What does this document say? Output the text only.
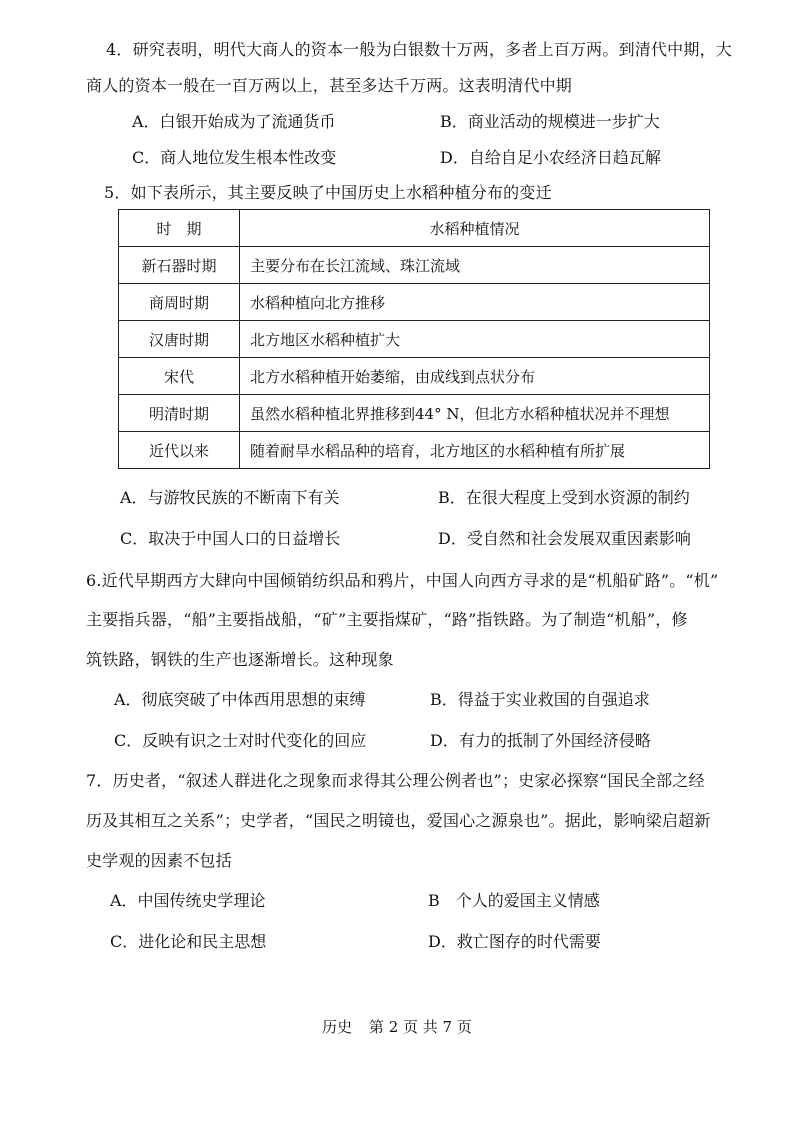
4．研究表明，明代大商人的资本一般为白银数十万两，多者上百万两。到清代中期，大
商人的资本一般在一百万两以上，甚至多达千万两。这表明清代中期
A．白银开始成为了流通货币	B．商业活动的规模进一步扩大
C．商人地位发生根本性改变	D．自给自足小农经济日趋瓦解
5．如下表所示，其主要反映了中国历史上水稻种植分布的变迁
时　期	水稻种植情况
新石器时期	主要分布在长江流域、珠江流域
商周时期	水稻种植向北方推移
汉唐时期	北方地区水稻种植扩大
宋代	北方水稻种植开始萎缩，由成线到点状分布
明清时期	虽然水稻种植北界推移到44° N，但北方水稻种植状况并不理想
近代以来	随着耐旱水稻品种的培育，北方地区的水稻种植有所扩展
A．与游牧民族的不断南下有关	B．在很大程度上受到水资源的制约
C．取决于中国人口的日益增长	D．受自然和社会发展双重因素影响
6.近代早期西方大肆向中国倾销纺织品和鸦片，中国人向西方寻求的是“机船矿路”。“机”
主要指兵器，“船”主要指战船，“矿”主要指煤矿，“路”指铁路。为了制造“机船”，修
筑铁路，钢铁的生产也逐渐增长。这种现象
A．彻底突破了中体西用思想的束缚	B．得益于实业救国的自强追求
C．反映有识之士对时代变化的回应	D．有力的抵制了外国经济侵略
7．历史者，“叙述人群进化之现象而求得其公理公例者也”；史家必探察“国民全部之经
历及其相互之关系”；史学者，“国民之明镜也，爱国心之源泉也”。据此，影响梁启超新
史学观的因素不包括
A．中国传统史学理论	B　个人的爱国主义情感
C．进化论和民主思想	D．救亡图存的时代需要
历史 第 2 页 共 7 页
